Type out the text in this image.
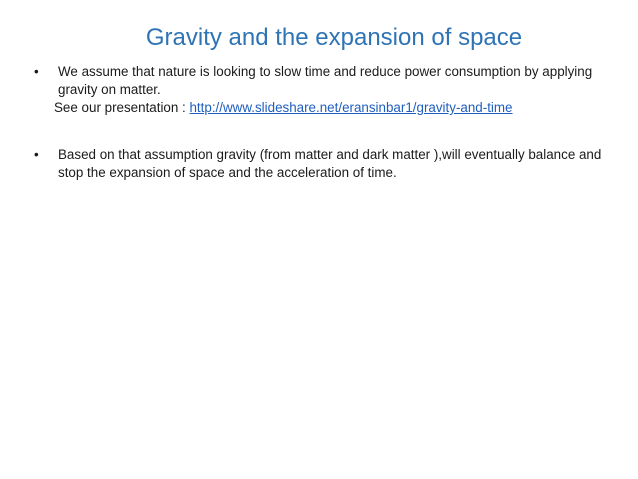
Gravity and the expansion of space
• We assume that nature is looking to slow time and reduce power consumption by applying gravity on matter.
See our presentation : http://www.slideshare.net/eransinbar1/gravity-and-time
• Based on that assumption gravity (from matter and dark matter ),will eventually balance and stop the expansion of space and the acceleration of time.
